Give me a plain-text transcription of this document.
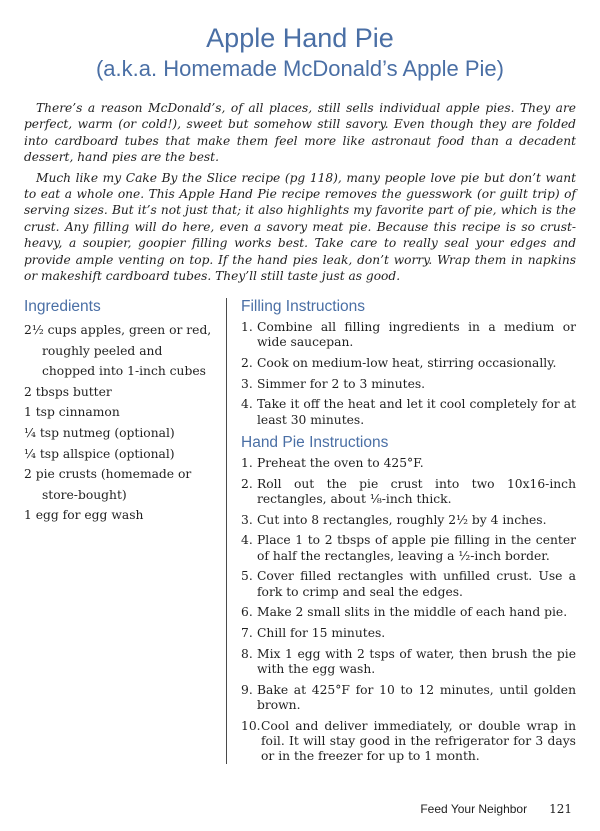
Apple Hand Pie
(a.k.a. Homemade McDonald’s Apple Pie)

There’s a reason McDonald’s, of all places, still sells individual apple pies. They are perfect, warm (or cold!), sweet but somehow still savory. Even though they are folded into cardboard tubes that make them feel more like astronaut food than a decadent dessert, hand pies are the best.

Much like my Cake By the Slice recipe (pg 118), many people love pie but don’t want to eat a whole one. This Apple Hand Pie recipe removes the guesswork (or guilt trip) of serving sizes. But it’s not just that; it also highlights my favorite part of pie, which is the crust. Any filling will do here, even a savory meat pie. Because this recipe is so crust-heavy, a soupier, goopier filling works best. Take care to really seal your edges and provide ample venting on top. If the hand pies leak, don’t worry. Wrap them in napkins or makeshift cardboard tubes. They’ll still taste just as good.

Ingredients
2½ cups apples, green or red, roughly peeled and chopped into 1-inch cubes
2 tbsps butter
1 tsp cinnamon
¼ tsp nutmeg (optional)
¼ tsp allspice (optional)
2 pie crusts (homemade or store-bought)
1 egg for egg wash
Filling Instructions
1. Combine all filling ingredients in a medium or wide saucepan.
2. Cook on medium-low heat, stirring occasionally.
3. Simmer for 2 to 3 minutes.
4. Take it off the heat and let it cool completely for at least 30 minutes.
Hand Pie Instructions
1. Preheat the oven to 425°F.
2. Roll out the pie crust into two 10x16-inch rectangles, about ⅛-inch thick.
3. Cut into 8 rectangles, roughly 2½ by 4 inches.
4. Place 1 to 2 tbsps of apple pie filling in the center of half the rectangles, leaving a ½-inch border.
5. Cover filled rectangles with unfilled crust. Use a fork to crimp and seal the edges.
6. Make 2 small slits in the middle of each hand pie.
7. Chill for 15 minutes.
8. Mix 1 egg with 2 tsps of water, then brush the pie with the egg wash.
9. Bake at 425°F for 10 to 12 minutes, until golden brown.
10. Cool and deliver immediately, or double wrap in foil. It will stay good in the refrigerator for 3 days or in the freezer for up to 1 month.
Feed Your Neighbor 121
